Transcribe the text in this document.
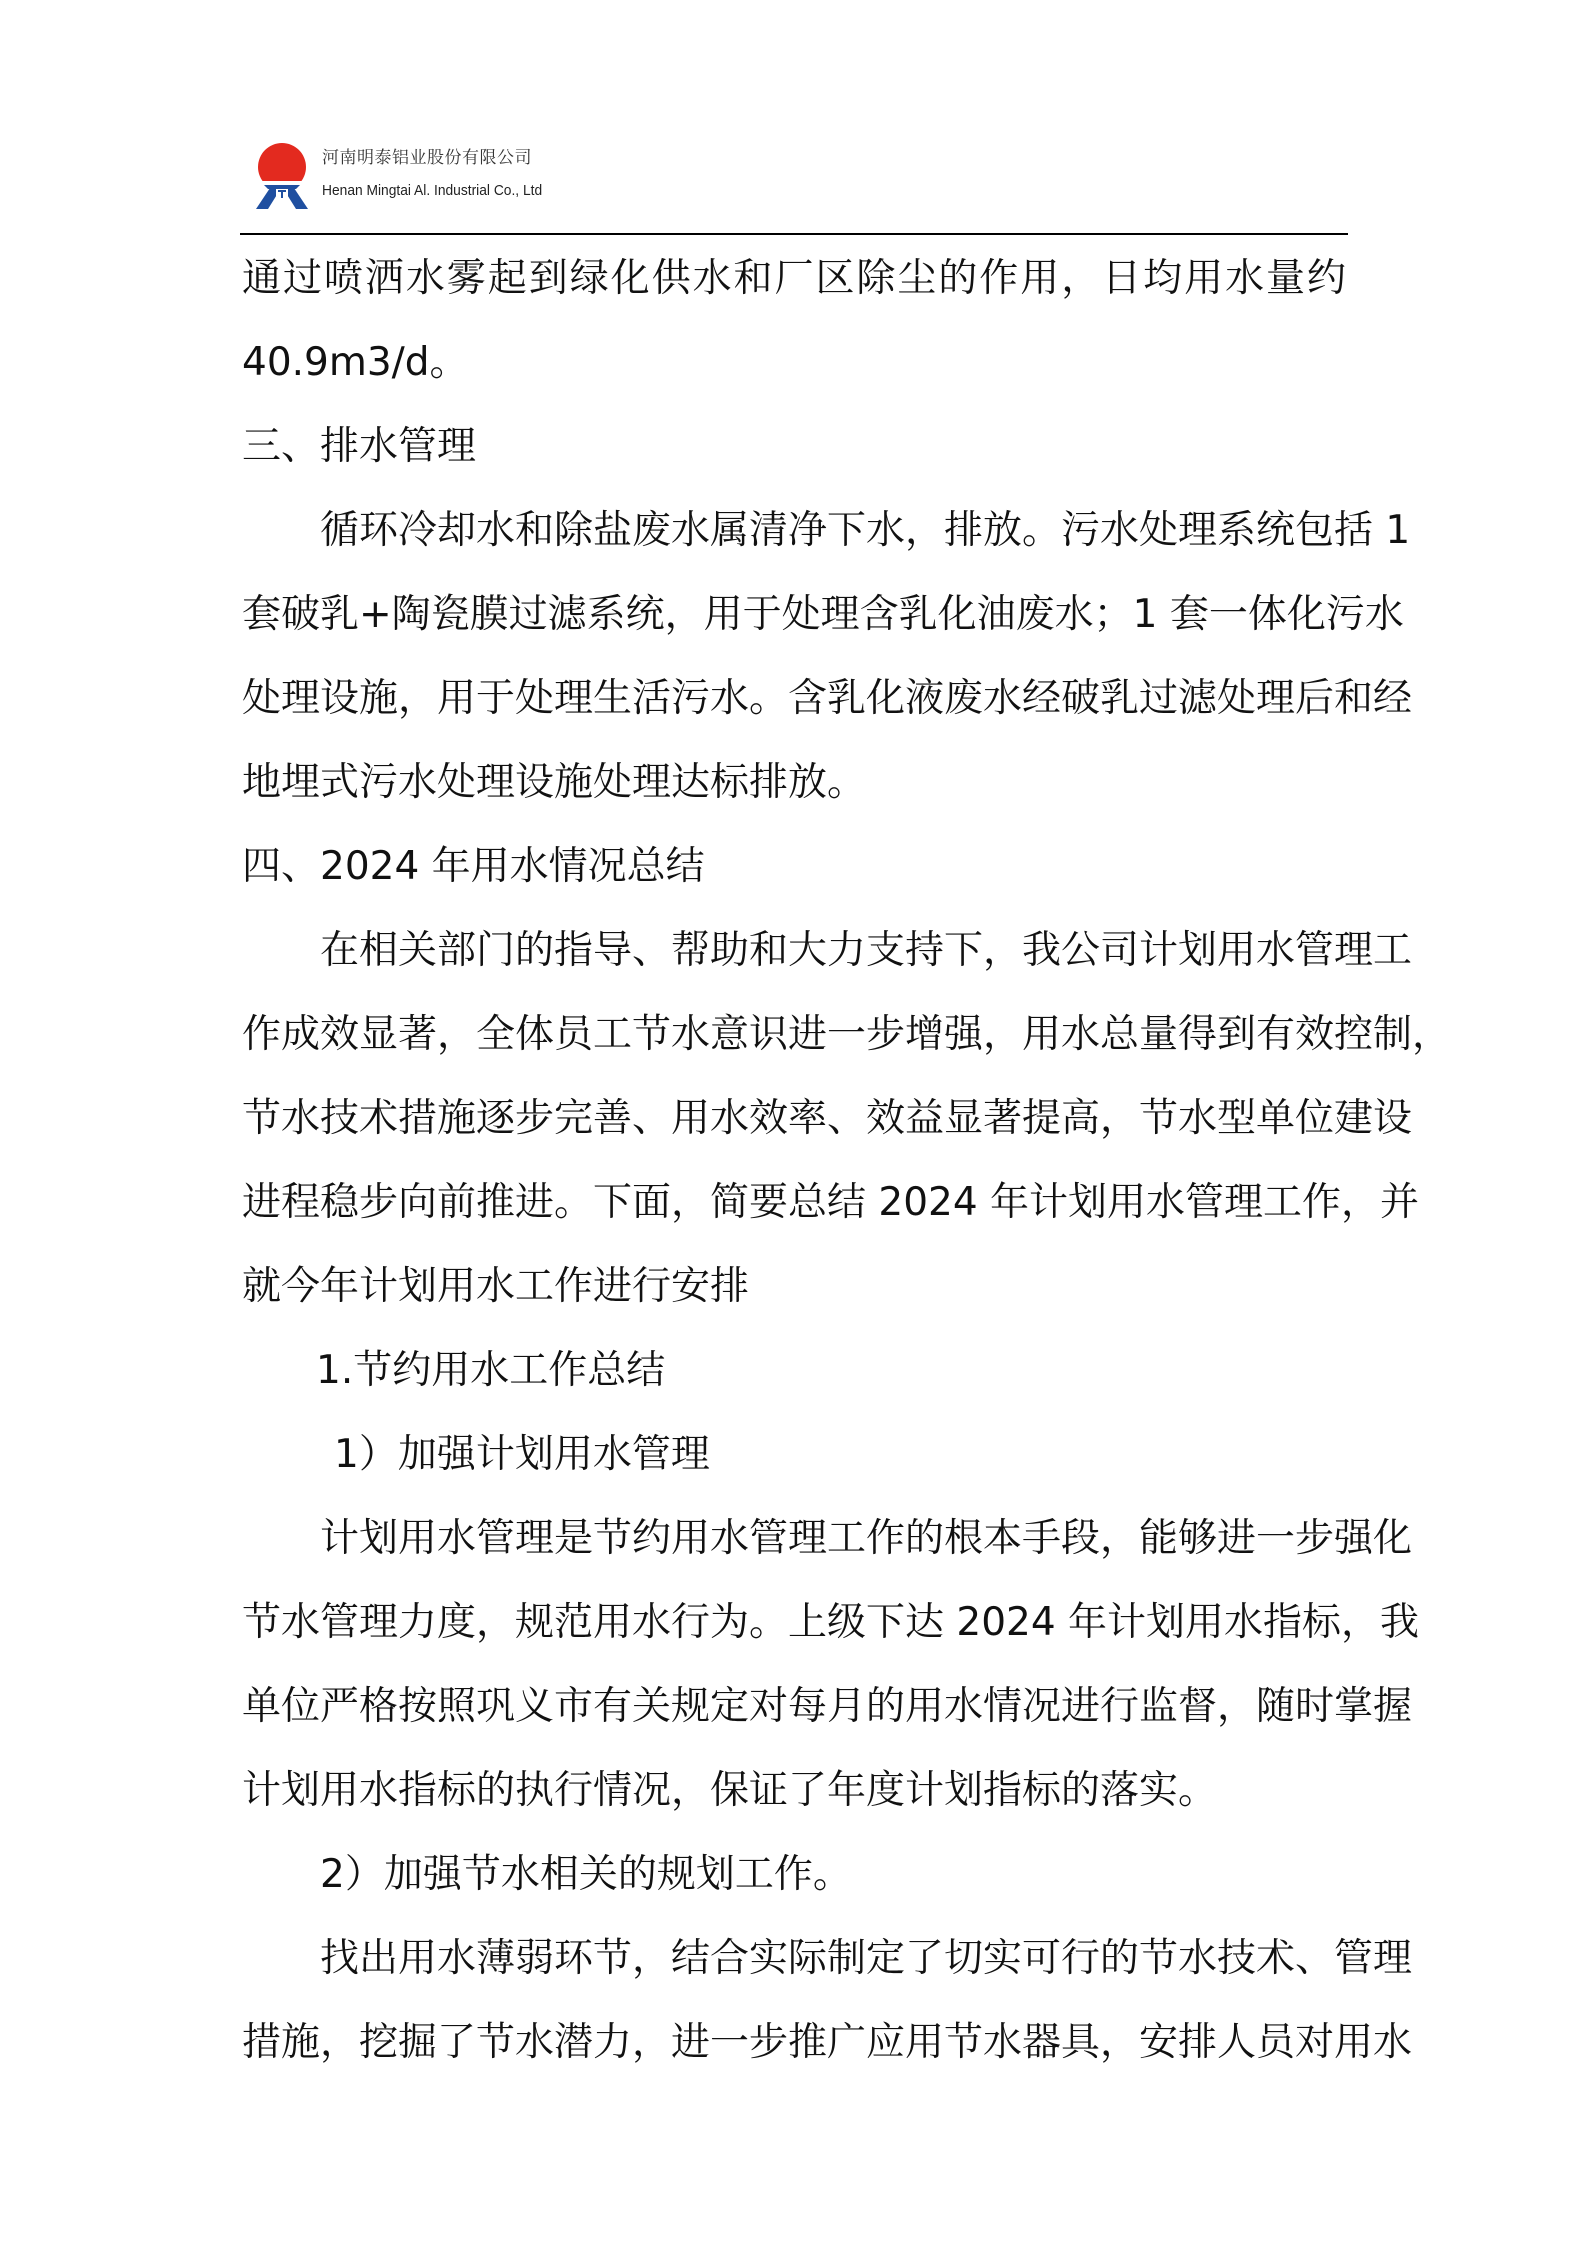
河南明泰铝业股份有限公司
Henan Mingtai Al. Industrial Co., Ltd
通过喷洒水雾起到绿化供水和厂区除尘的作用，日均用水量约
40.9m3/d。
三、排水管理
循环冷却水和除盐废水属清净下水，排放。污水处理系统包括 1
套破乳+陶瓷膜过滤系统，用于处理含乳化油废水；1 套一体化污水
处理设施，用于处理生活污水。含乳化液废水经破乳过滤处理后和经
地埋式污水处理设施处理达标排放。
四、2024 年用水情况总结
在相关部门的指导、帮助和大力支持下，我公司计划用水管理工
作成效显著，全体员工节水意识进一步增强，用水总量得到有效控制，
节水技术措施逐步完善、用水效率、效益显著提高，节水型单位建设
进程稳步向前推进。下面，简要总结 2024 年计划用水管理工作，并
就今年计划用水工作进行安排
1.节约用水工作总结
1）加强计划用水管理
计划用水管理是节约用水管理工作的根本手段，能够进一步强化
节水管理力度，规范用水行为。上级下达 2024 年计划用水指标，我
单位严格按照巩义市有关规定对每月的用水情况进行监督，随时掌握
计划用水指标的执行情况，保证了年度计划指标的落实。
2）加强节水相关的规划工作。
找出用水薄弱环节，结合实际制定了切实可行的节水技术、管理
措施，挖掘了节水潜力，进一步推广应用节水器具，安排人员对用水
